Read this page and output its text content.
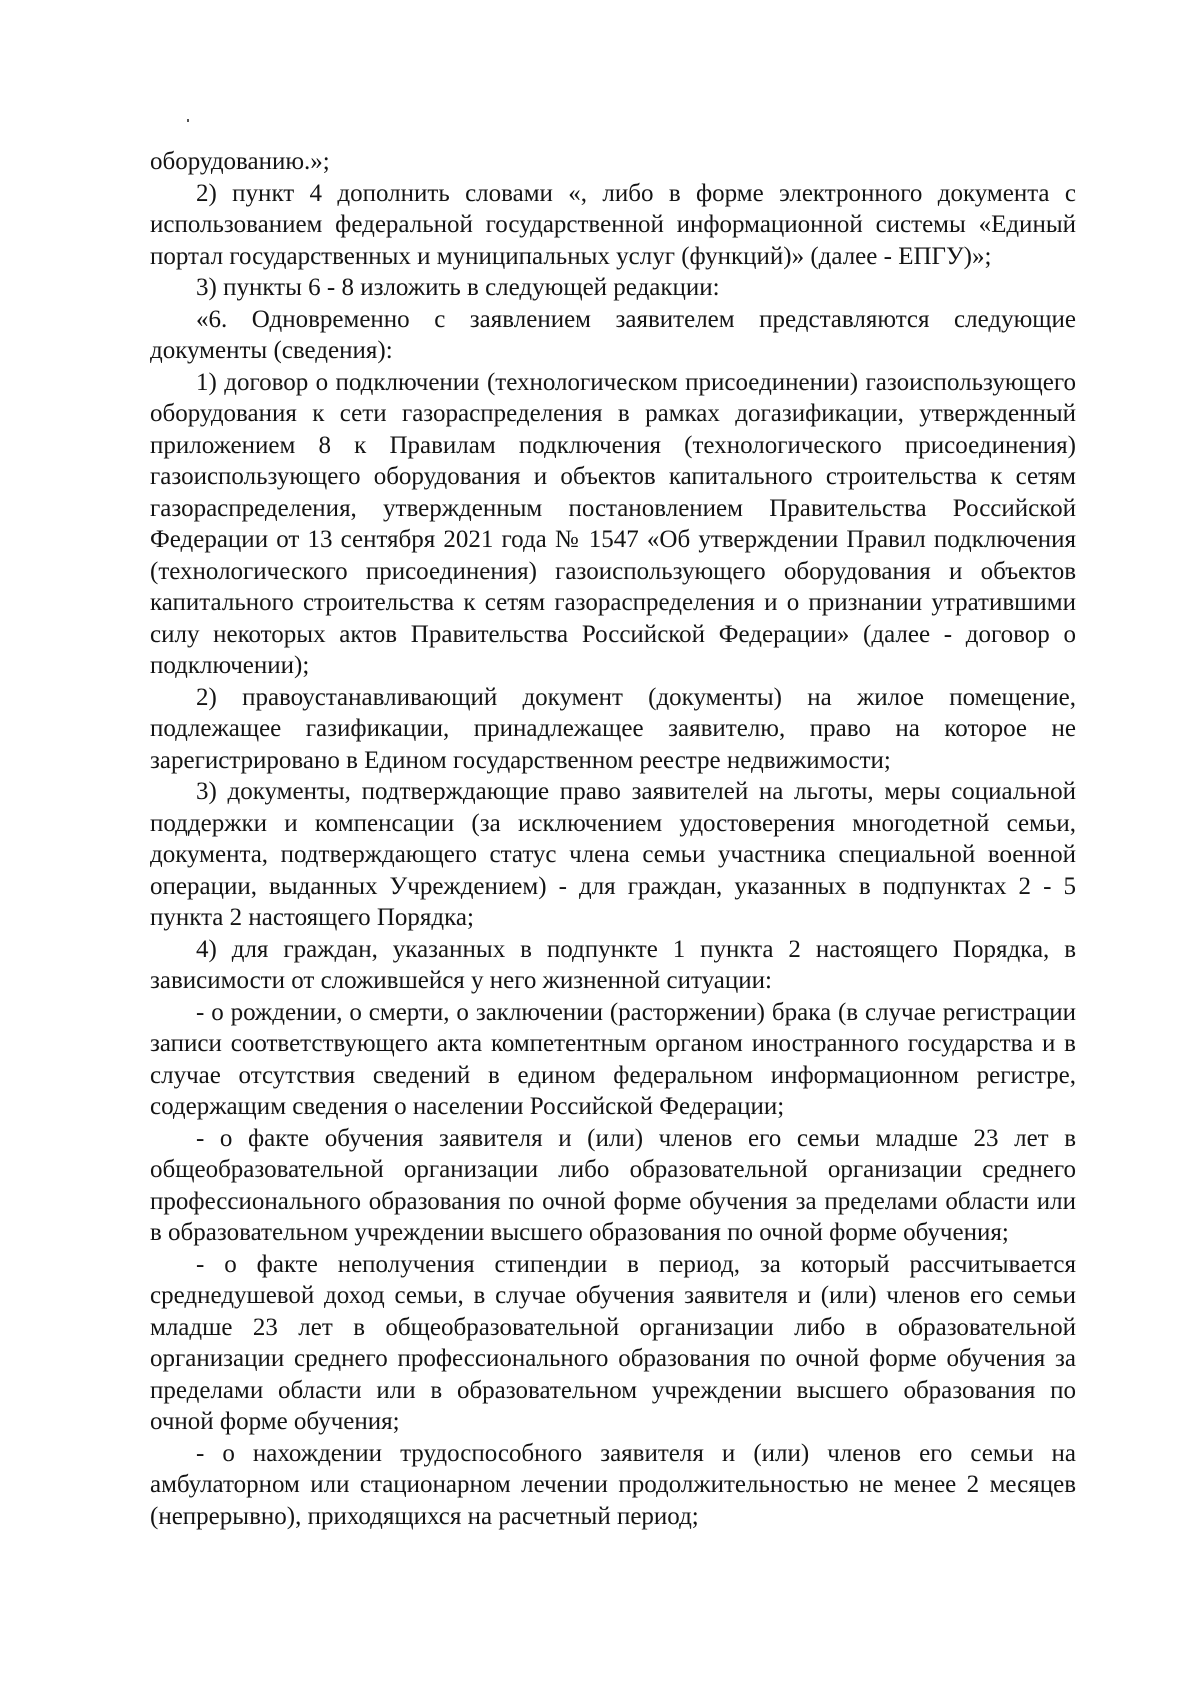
оборудованию.»;

2) пункт 4 дополнить словами «, либо в форме электронного документа с использованием федеральной государственной информационной системы «Единый портал государственных и муниципальных услуг (функций)» (далее - ЕПГУ)»;

3) пункты 6 - 8 изложить в следующей редакции:

«6. Одновременно с заявлением заявителем представляются следующие документы (сведения):

1) договор о подключении (технологическом присоединении) газоиспользующего оборудования к сети газораспределения в рамках догазификации, утвержденный приложением 8 к Правилам подключения (технологического присоединения) газоиспользующего оборудования и объектов капитального строительства к сетям газораспределения, утвержденным постановлением Правительства Российской Федерации от 13 сентября 2021 года № 1547 «Об утверждении Правил подключения (технологического присоединения) газоиспользующего оборудования и объектов капитального строительства к сетям газораспределения и о признании утратившими силу некоторых актов Правительства Российской Федерации» (далее - договор о подключении);

2) правоустанавливающий документ (документы) на жилое помещение, подлежащее газификации, принадлежащее заявителю, право на которое не зарегистрировано в Едином государственном реестре недвижимости;

3) документы, подтверждающие право заявителей на льготы, меры социальной поддержки и компенсации (за исключением удостоверения многодетной семьи, документа, подтверждающего статус члена семьи участника специальной военной операции, выданных Учреждением) - для граждан, указанных в подпунктах 2 - 5 пункта 2 настоящего Порядка;

4) для граждан, указанных в подпункте 1 пункта 2 настоящего Порядка, в зависимости от сложившейся у него жизненной ситуации:

- о рождении, о смерти, о заключении (расторжении) брака (в случае регистрации записи соответствующего акта компетентным органом иностранного государства и в случае отсутствия сведений в едином федеральном информационном регистре, содержащим сведения о населении Российской Федерации;

- о факте обучения заявителя и (или) членов его семьи младше 23 лет в общеобразовательной организации либо образовательной организации среднего профессионального образования по очной форме обучения за пределами области или в образовательном учреждении высшего образования по очной форме обучения;

- о факте неполучения стипендии в период, за который рассчитывается среднедушевой доход семьи, в случае обучения заявителя и (или) членов его семьи младше 23 лет в общеобразовательной организации либо в образовательной организации среднего профессионального образования по очной форме обучения за пределами области или в образовательном учреждении высшего образования по очной форме обучения;

- о нахождении трудоспособного заявителя и (или) членов его семьи на амбулаторном или стационарном лечении продолжительностью не менее 2 месяцев (непрерывно), приходящихся на расчетный период;
